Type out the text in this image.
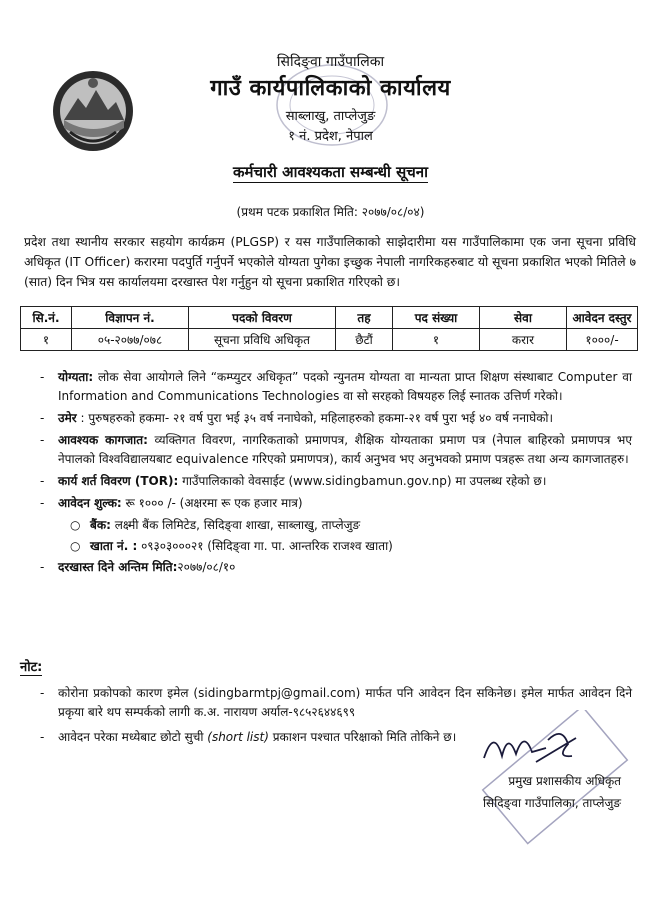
सिदिङ्वा गाउँपालिका
गाउँ कार्यपालिकाको कार्यालय
साब्लाखु, ताप्लेजुङ
१ नं. प्रदेश, नेपाल
कर्मचारी आवश्यकता सम्बन्धी सूचना
(प्रथम पटक प्रकाशित मिति: २०७७/०८/०४)
प्रदेश तथा स्थानीय सरकार सहयोग कार्यक्रम (PLGSP) र यस गाउँपालिकाको साझेदारीमा यस गाउँपालिकामा एक जना सूचना प्रविधि अधिकृत (IT Officer) करारमा पदपुर्ति गर्नुपर्ने भएकोले योग्यता पुगेका इच्छुक नेपाली नागरिकहरुबाट यो सूचना प्रकाशित भएको मितिले ७ (सात) दिन भित्र यस कार्यालयमा दरखास्त पेश गर्नुहुन यो सूचना प्रकाशित गरिएको छ।
सि.नं.	विज्ञापन नं.	पदको विवरण	तह	पद संख्या	सेवा	आवेदन दस्तुर
१	०५-२०७७/०७८	सूचना प्रविधि अधिकृत	छैटौं	१	करार	१०००/-
- योग्यता: लोक सेवा आयोगले लिने “कम्प्युटर अधिकृत” पदको न्युनतम योग्यता वा मान्यता प्राप्त शिक्षण संस्थाबाट Computer वा Information and Communications Technologies वा सो सरहको विषयहरु लिई स्नातक उत्तिर्ण गरेको।
- उमेर : पुरुषहरुको हकमा- २१ वर्ष पुरा भई ३५ वर्ष ननाघेको, महिलाहरुको हकमा-२१ वर्ष पुरा भई ४० वर्ष ननाघेको।
- आवश्यक कागजात: व्यक्तिगत विवरण, नागरिकताको प्रमाणपत्र, शैक्षिक योग्यताका प्रमाण पत्र (नेपाल बाहिरको प्रमाणपत्र भए नेपालको विश्वविद्यालयबाट equivalence गरिएको प्रमाणपत्र), कार्य अनुभव भए अनुभवको प्रमाण पत्रहरू तथा अन्य कागजातहरु।
- कार्य शर्त विवरण (TOR): गाउँपालिकाको वेवसाईट (www.sidingbamun.gov.np) मा उपलब्ध रहेको छ।
- आवेदन शुल्क: रू १००० /- (अक्षरमा रू एक हजार मात्र)
○ बैंक: लक्ष्मी बैंक लिमिटेड, सिदिङ्वा शाखा, साब्लाखु, ताप्लेजुङ
○ खाता नं. : ०९३०३०००२१ (सिदिङ्वा गा. पा. आन्तरिक राजश्व खाता)
- दरखास्त दिने अन्तिम मिति:२०७७/०८/१०
नोट:
- कोरोना प्रकोपको कारण इमेल (sidingbarmtpj@gmail.com) मार्फत पनि आवेदन दिन सकिनेछ। इमेल मार्फत आवेदन दिने प्रकृया बारे थप सम्पर्कको लागी क.अ. नारायण अर्याल-९८५२६४४६९९
- आवेदन परेका मध्येबाट छोटो सुची (short list) प्रकाशन पश्चात परिक्षाको मिति तोकिने छ।
प्रमुख प्रशासकीय अधिकृत
सिदिङ्वा गाउँपालिका, ताप्लेजुङ
